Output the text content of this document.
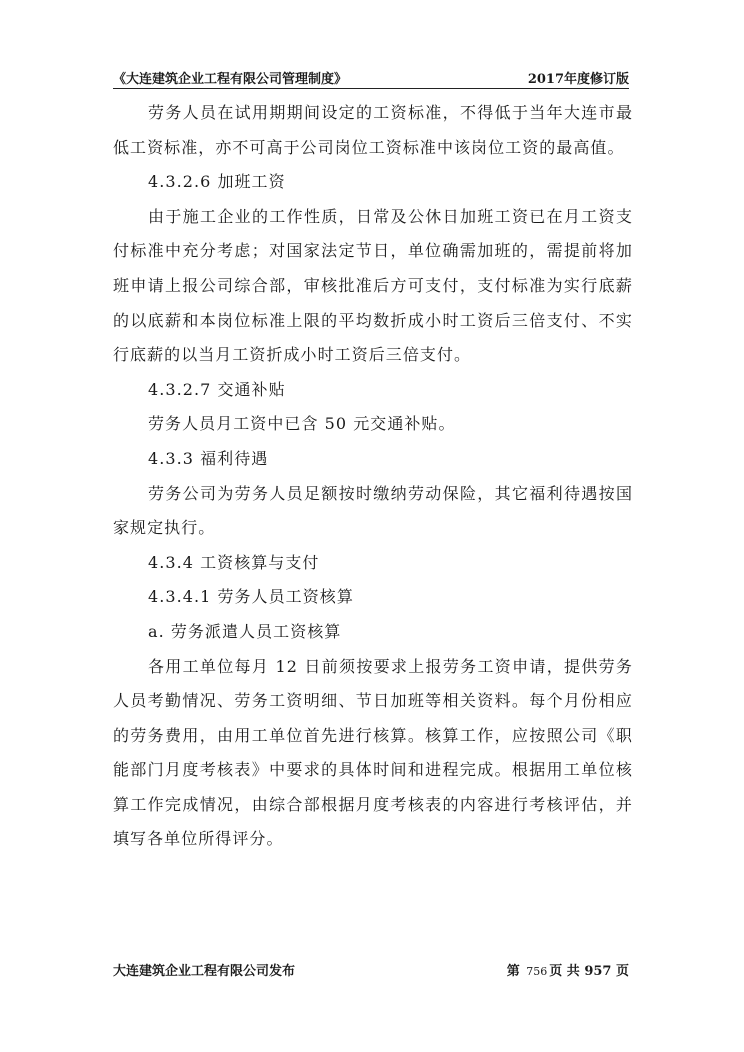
《大连建筑企业工程有限公司管理制度》	2017年度修订版

劳务人员在试用期期间设定的工资标准，不得低于当年大连市最低工资标准，亦不可高于公司岗位工资标准中该岗位工资的最高值。

4.3.2.6 加班工资

由于施工企业的工作性质，日常及公休日加班工资已在月工资支付标准中充分考虑；对国家法定节日，单位确需加班的，需提前将加班申请上报公司综合部，审核批准后方可支付，支付标准为实行底薪的以底薪和本岗位标准上限的平均数折成小时工资后三倍支付、不实行底薪的以当月工资折成小时工资后三倍支付。

4.3.2.7 交通补贴

劳务人员月工资中已含 50 元交通补贴。

4.3.3 福利待遇

劳务公司为劳务人员足额按时缴纳劳动保险，其它福利待遇按国家规定执行。

4.3.4 工资核算与支付

4.3.4.1 劳务人员工资核算

a. 劳务派遣人员工资核算

各用工单位每月 12 日前须按要求上报劳务工资申请，提供劳务人员考勤情况、劳务工资明细、节日加班等相关资料。每个月份相应的劳务费用，由用工单位首先进行核算。核算工作，应按照公司《职能部门月度考核表》中要求的具体时间和进程完成。根据用工单位核算工作完成情况，由综合部根据月度考核表的内容进行考核评估，并填写各单位所得评分。

大连建筑企业工程有限公司发布	第 756 页 共 957 页
